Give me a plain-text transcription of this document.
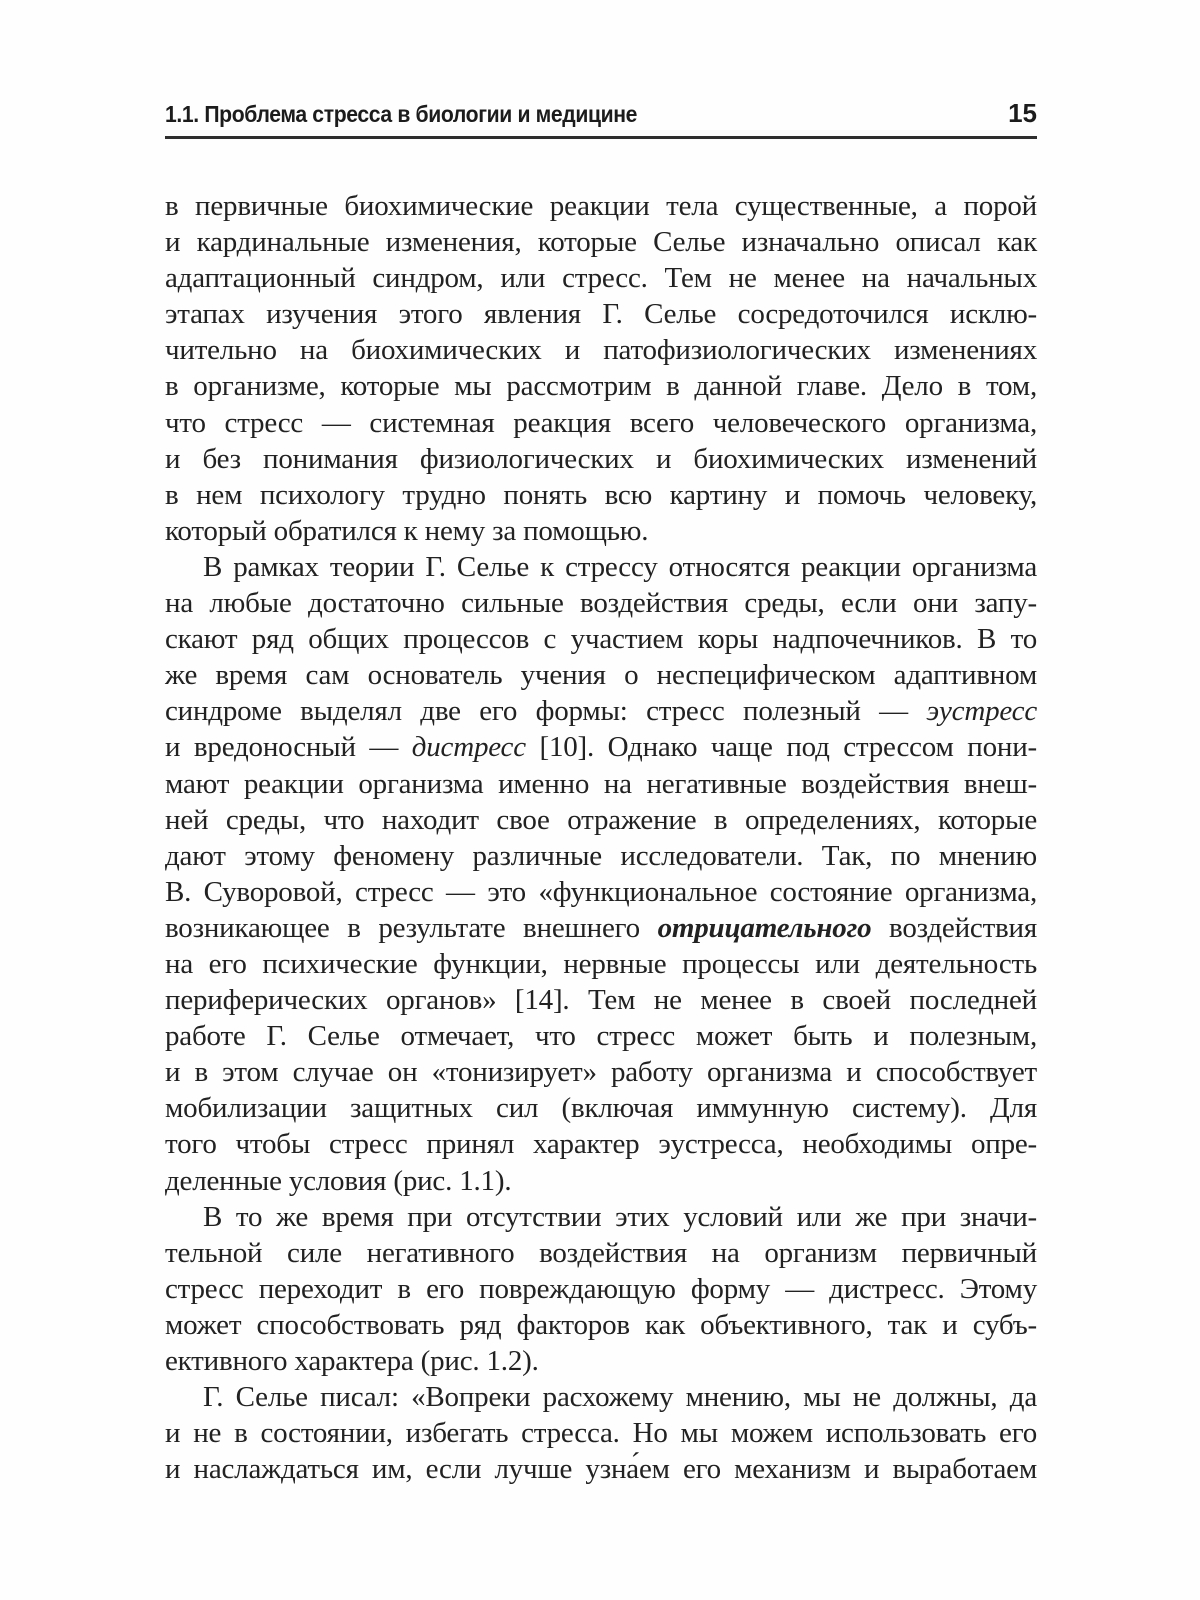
1.1. Проблема стресса в биологии и медицине	15
в первичные биохимические реакции тела существенные, а порой
и кардинальные изменения, которые Селье изначально описал как
адаптационный синдром, или стресс. Тем не менее на начальных
этапах изучения этого явления Г. Селье сосредоточился исклю-
чительно на биохимических и патофизиологических изменениях
в организме, которые мы рассмотрим в данной главе. Дело в том,
что стресс — системная реакция всего человеческого организма,
и без понимания физиологических и биохимических изменений
в нем психологу трудно понять всю картину и помочь человеку,
который обратился к нему за помощью.
В рамках теории Г. Селье к стрессу относятся реакции организма
на любые достаточно сильные воздействия среды, если они запу-
скают ряд общих процессов с участием коры надпочечников. В то
же время сам основатель учения о неспецифическом адаптивном
синдроме выделял две его формы: стресс полезный — эустресс
и вредоносный — дистресс [10]. Однако чаще под стрессом пони-
мают реакции организма именно на негативные воздействия внеш-
ней среды, что находит свое отражение в определениях, которые
дают этому феномену различные исследователи. Так, по мнению
В. Суворовой, стресс — это «функциональное состояние организма,
возникающее в результате внешнего отрицательного воздействия
на его психические функции, нервные процессы или деятельность
периферических органов» [14]. Тем не менее в своей последней
работе Г. Селье отмечает, что стресс может быть и полезным,
и в этом случае он «тонизирует» работу организма и способствует
мобилизации защитных сил (включая иммунную систему). Для
того чтобы стресс принял характер эустресса, необходимы опре-
деленные условия (рис. 1.1).
В то же время при отсутствии этих условий или же при значи-
тельной силе негативного воздействия на организм первичный
стресс переходит в его повреждающую форму — дистресс. Этому
может способствовать ряд факторов как объективного, так и субъ-
ективного характера (рис. 1.2).
Г. Селье писал: «Вопреки расхожему мнению, мы не должны, да
и не в состоянии, избегать стресса. Но мы можем использовать его
и наслаждаться им, если лучше узна́ем его механизм и выработаем
